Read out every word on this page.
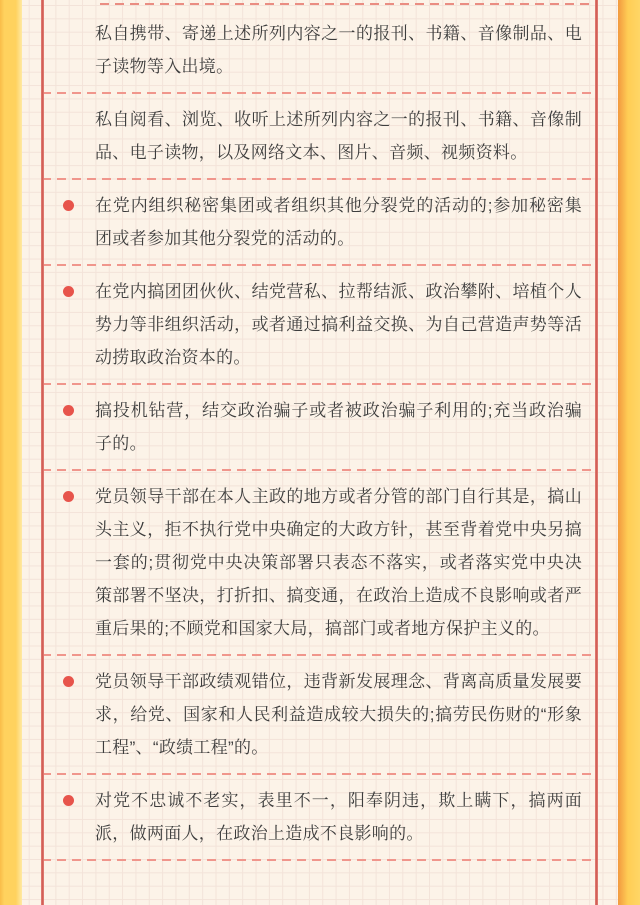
私自携带、寄递上述所列内容之一的报刊、书籍、音像制品、电子读物等入出境。

私自阅看、浏览、收听上述所列内容之一的报刊、书籍、音像制品、电子读物，以及网络文本、图片、音频、视频资料。

在党内组织秘密集团或者组织其他分裂党的活动的;参加秘密集团或者参加其他分裂党的活动的。

在党内搞团团伙伙、结党营私、拉帮结派、政治攀附、培植个人势力等非组织活动，或者通过搞利益交换、为自己营造声势等活动捞取政治资本的。

搞投机钻营，结交政治骗子或者被政治骗子利用的;充当政治骗子的。

党员领导干部在本人主政的地方或者分管的部门自行其是，搞山头主义，拒不执行党中央确定的大政方针，甚至背着党中央另搞一套的;贯彻党中央决策部署只表态不落实，或者落实党中央决策部署不坚决，打折扣、搞变通，在政治上造成不良影响或者严重后果的;不顾党和国家大局，搞部门或者地方保护主义的。

党员领导干部政绩观错位，违背新发展理念、背离高质量发展要求，给党、国家和人民利益造成较大损失的;搞劳民伤财的“形象工程”、“政绩工程”的。

对党不忠诚不老实，表里不一，阳奉阴违，欺上瞒下，搞两面派，做两面人，在政治上造成不良影响的。
